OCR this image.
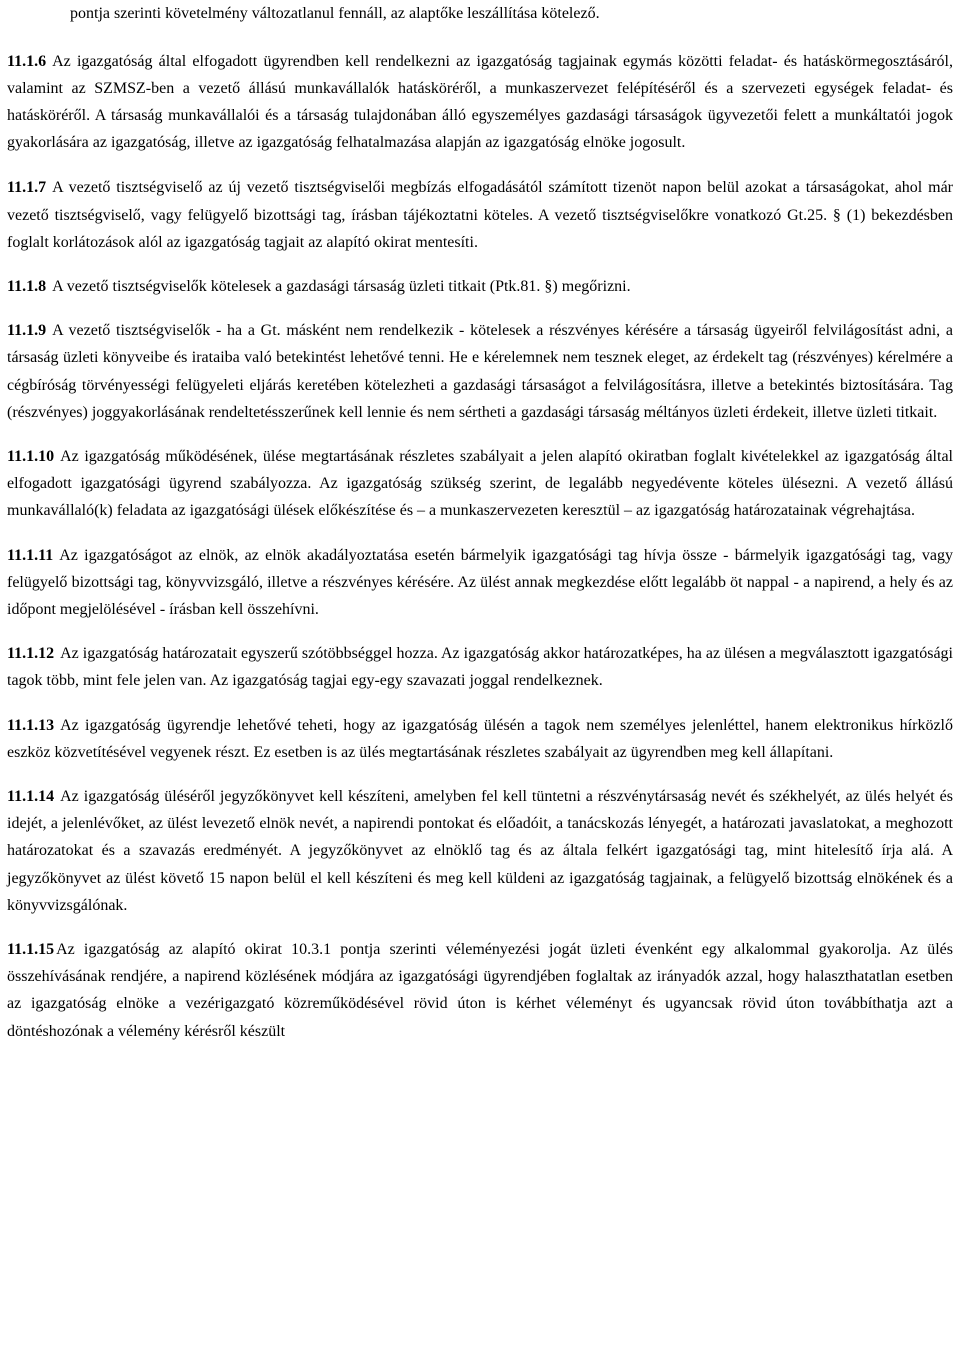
pontja szerinti követelmény változatlanul fennáll, az alaptőke leszállítása kötelező.

11.1.6 Az igazgatóság által elfogadott ügyrendben kell rendelkezni az igazgatóság tagjainak egymás közötti feladat- és hatáskörmegosztásáról, valamint az SZMSZ-ben a vezető állású munkavállalók hatásköréről, a munkaszervezet felépítéséről és a szervezeti egységek feladat- és hatásköréről. A társaság munkavállalói és a társaság tulajdonában álló egyszemélyes gazdasági társaságok ügyvezetői felett a munkáltatói jogok gyakorlására az igazgatóság, illetve az igazgatóság felhatalmazása alapján az igazgatóság elnöke jogosult.

11.1.7 A vezető tisztségviselő az új vezető tisztségviselői megbízás elfogadásától számított tizenöt napon belül azokat a társaságokat, ahol már vezető tisztségviselő, vagy felügyelő bizottsági tag, írásban tájékoztatni köteles. A vezető tisztségviselőkre vonatkozó Gt.25. § (1) bekezdésben foglalt korlátozások alól az igazgatóság tagjait az alapító okirat mentesíti.

11.1.8 A vezető tisztségviselők kötelesek a gazdasági társaság üzleti titkait (Ptk.81. §) megőrizni.

11.1.9 A vezető tisztségviselők - ha a Gt. másként nem rendelkezik - kötelesek a részvényes kérésére a társaság ügyeiről felvilágosítást adni, a társaság üzleti könyveibe és irataiba való betekintést lehetővé tenni. He e kérelemnek nem tesznek eleget, az érdekelt tag (részvényes) kérelmére a cégbíróság törvényességi felügyeleti eljárás keretében kötelezheti a gazdasági társaságot a felvilágosításra, illetve a betekintés biztosítására. Tag (részvényes) joggyakorlásának rendeltetésszerűnek kell lennie és nem sértheti a gazdasági társaság méltányos üzleti érdekeit, illetve üzleti titkait.

11.1.10 Az igazgatóság működésének, ülése megtartásának részletes szabályait a jelen alapító okiratban foglalt kivételekkel az igazgatóság által elfogadott igazgatósági ügyrend szabályozza. Az igazgatóság szükség szerint, de legalább negyedévente köteles ülésezni. A vezető állású munkavállaló(k) feladata az igazgatósági ülések előkészítése és – a munkaszervezeten keresztül – az igazgatóság határozatainak végrehajtása.

11.1.11 Az igazgatóságot az elnök, az elnök akadályoztatása esetén bármelyik igazgatósági tag hívja össze - bármelyik igazgatósági tag, vagy felügyelő bizottsági tag, könyvvizsgáló, illetve a részvényes kérésére. Az ülést annak megkezdése előtt legalább öt nappal - a napirend, a hely és az időpont megjelölésével - írásban kell összehívni.

11.1.12 Az igazgatóság határozatait egyszerű szótöbbséggel hozza. Az igazgatóság akkor határozatképes, ha az ülésen a megválasztott igazgatósági tagok több, mint fele jelen van. Az igazgatóság tagjai egy-egy szavazati joggal rendelkeznek.

11.1.13 Az igazgatóság ügyrendje lehetővé teheti, hogy az igazgatóság ülésén a tagok nem személyes jelenléttel, hanem elektronikus hírközlő eszköz közvetítésével vegyenek részt. Ez esetben is az ülés megtartásának részletes szabályait az ügyrendben meg kell állapítani.

11.1.14 Az igazgatóság üléséről jegyzőkönyvet kell készíteni, amelyben fel kell tüntetni a részvénytársaság nevét és székhelyét, az ülés helyét és idejét, a jelenlévőket, az ülést levezető elnök nevét, a napirendi pontokat és előadóit, a tanácskozás lényegét, a határozati javaslatokat, a meghozott határozatokat és a szavazás eredményét. A jegyzőkönyvet az elnöklő tag és az általa felkért igazgatósági tag, mint hitelesítő írja alá. A jegyzőkönyvet az ülést követő 15 napon belül el kell készíteni és meg kell küldeni az igazgatóság tagjainak, a felügyelő bizottság elnökének és a könyvvizsgálónak.

11.1.15 Az igazgatóság az alapító okirat 10.3.1 pontja szerinti véleményezési jogát üzleti évenként egy alkalommal gyakorolja. Az ülés összehívásának rendjére, a napirend közlésének módjára az igazgatósági ügyrendjében foglaltak az irányadók azzal, hogy halaszthatatlan esetben az igazgatóság elnöke a vezérigazgató közreműködésével rövid úton is kérhet véleményt és ugyancsak rövid úton továbbíthatja azt a döntéshozónak a vélemény kérésről készült
